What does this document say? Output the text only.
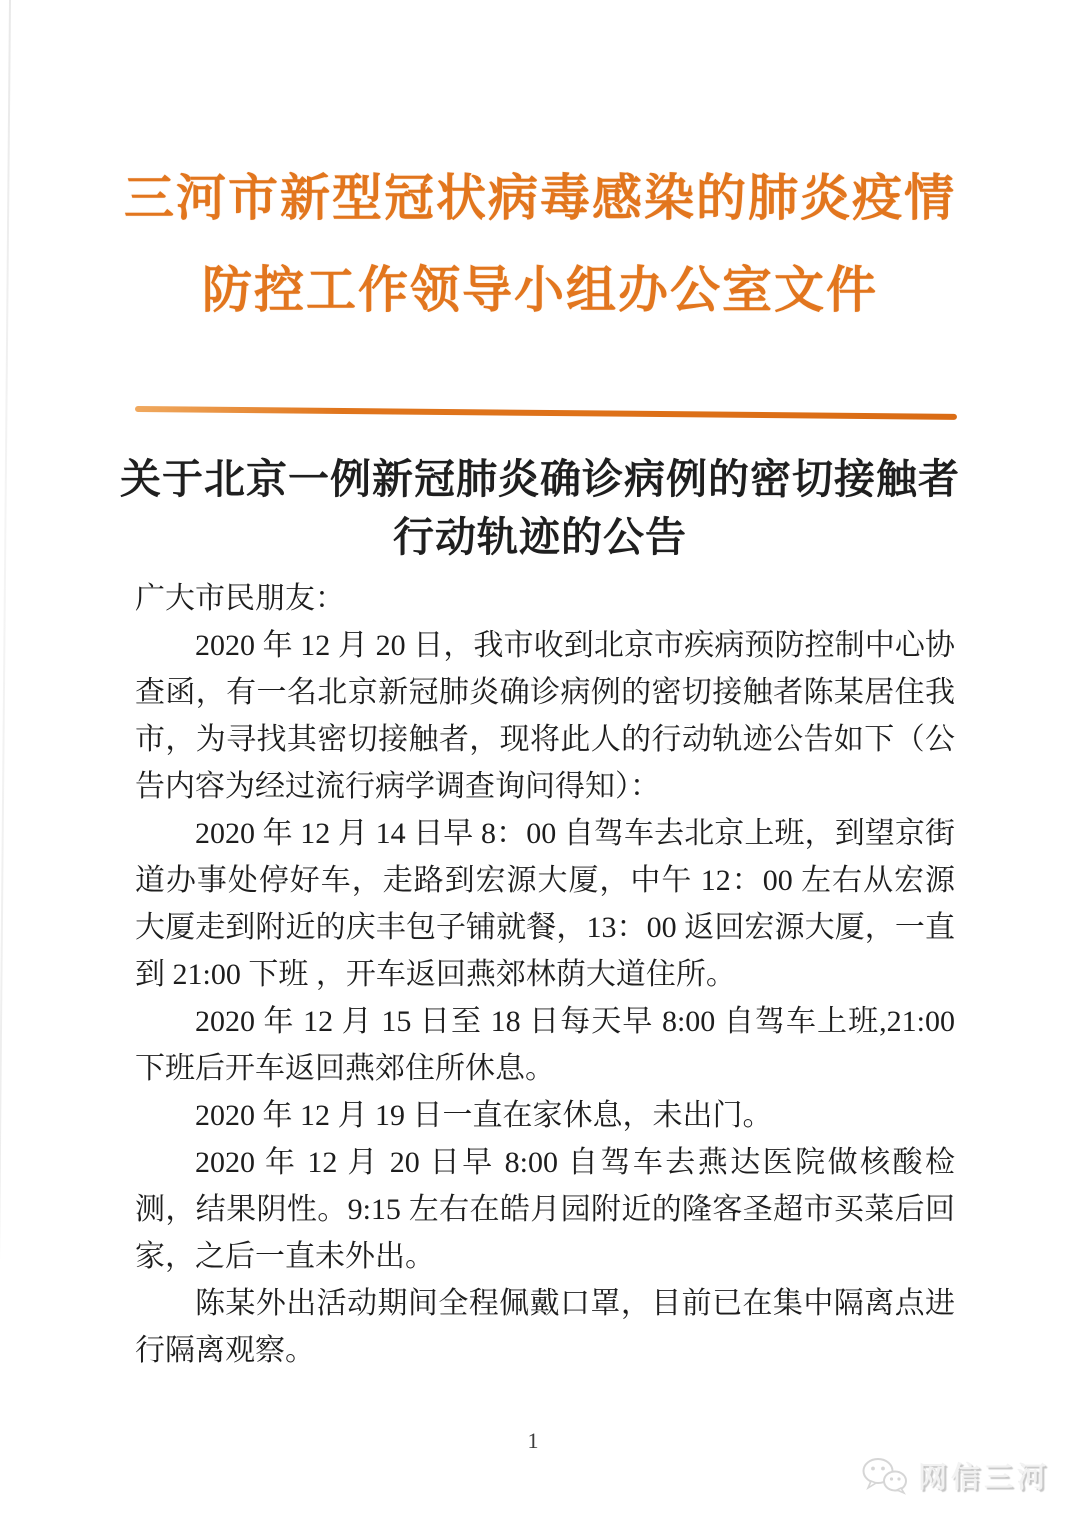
三河市新型冠状病毒感染的肺炎疫情
防控工作领导小组办公室文件
关于北京一例新冠肺炎确诊病例的密切接触者
行动轨迹的公告

广大市民朋友：

2020 年 12 月 20 日，我市收到北京市疾病预防控制中心协查函，有一名北京新冠肺炎确诊病例的密切接触者陈某居住我市，为寻找其密切接触者，现将此人的行动轨迹公告如下（公告内容为经过流行病学调查询问得知）：

2020 年 12 月 14 日早 8：00 自驾车去北京上班，到望京街道办事处停好车，走路到宏源大厦，中午 12：00 左右从宏源大厦走到附近的庆丰包子铺就餐，13：00 返回宏源大厦，一直到 21:00 下班 ，开车返回燕郊林荫大道住所。

2020 年 12 月 15 日至 18 日每天早 8:00 自驾车上班,21:00 下班后开车返回燕郊住所休息。

2020 年 12 月 19 日一直在家休息，未出门。

2020 年 12 月 20 日早 8:00 自驾车去燕达医院做核酸检测，结果阴性。9:15 左右在皓月园附近的隆客圣超市买菜后回家，之后一直未外出。

陈某外出活动期间全程佩戴口罩，目前已在集中隔离点进行隔离观察。

1
网信三河
